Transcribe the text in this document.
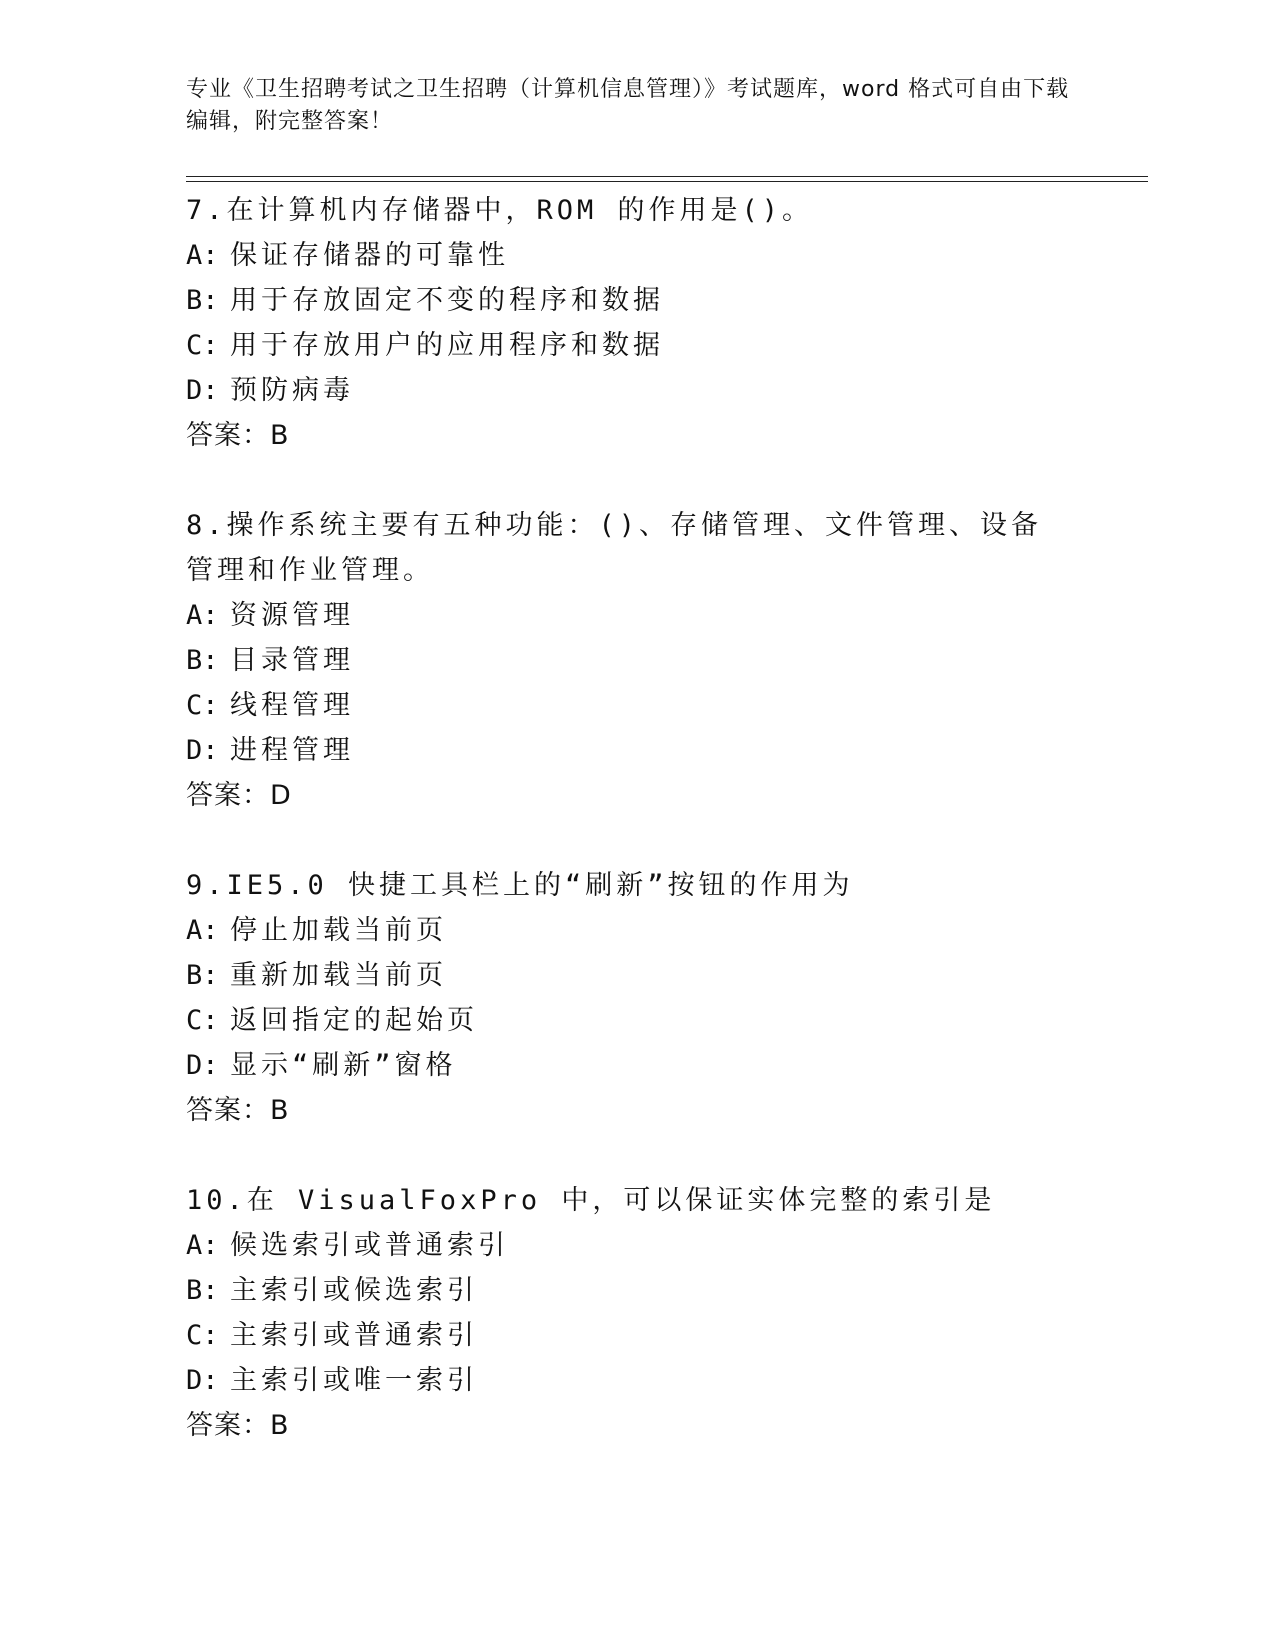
专业《卫生招聘考试之卫生招聘（计算机信息管理）》考试题库，word 格式可自由下载编辑，附完整答案！
7.在计算机内存储器中，ROM 的作用是()。
A: 保证存储器的可靠性
B: 用于存放固定不变的程序和数据
C: 用于存放用户的应用程序和数据
D: 预防病毒
答案：B
8.操作系统主要有五种功能：()、存储管理、文件管理、设备管理和作业管理。
A: 资源管理
B: 目录管理
C: 线程管理
D: 进程管理
答案：D
9.IE5.0 快捷工具栏上的“刷新”按钮的作用为
A: 停止加载当前页
B: 重新加载当前页
C: 返回指定的起始页
D: 显示“刷新”窗格
答案：B
10.在 VisualFoxPro 中，可以保证实体完整的索引是
A: 候选索引或普通索引
B: 主索引或候选索引
C: 主索引或普通索引
D: 主索引或唯一索引
答案：B
